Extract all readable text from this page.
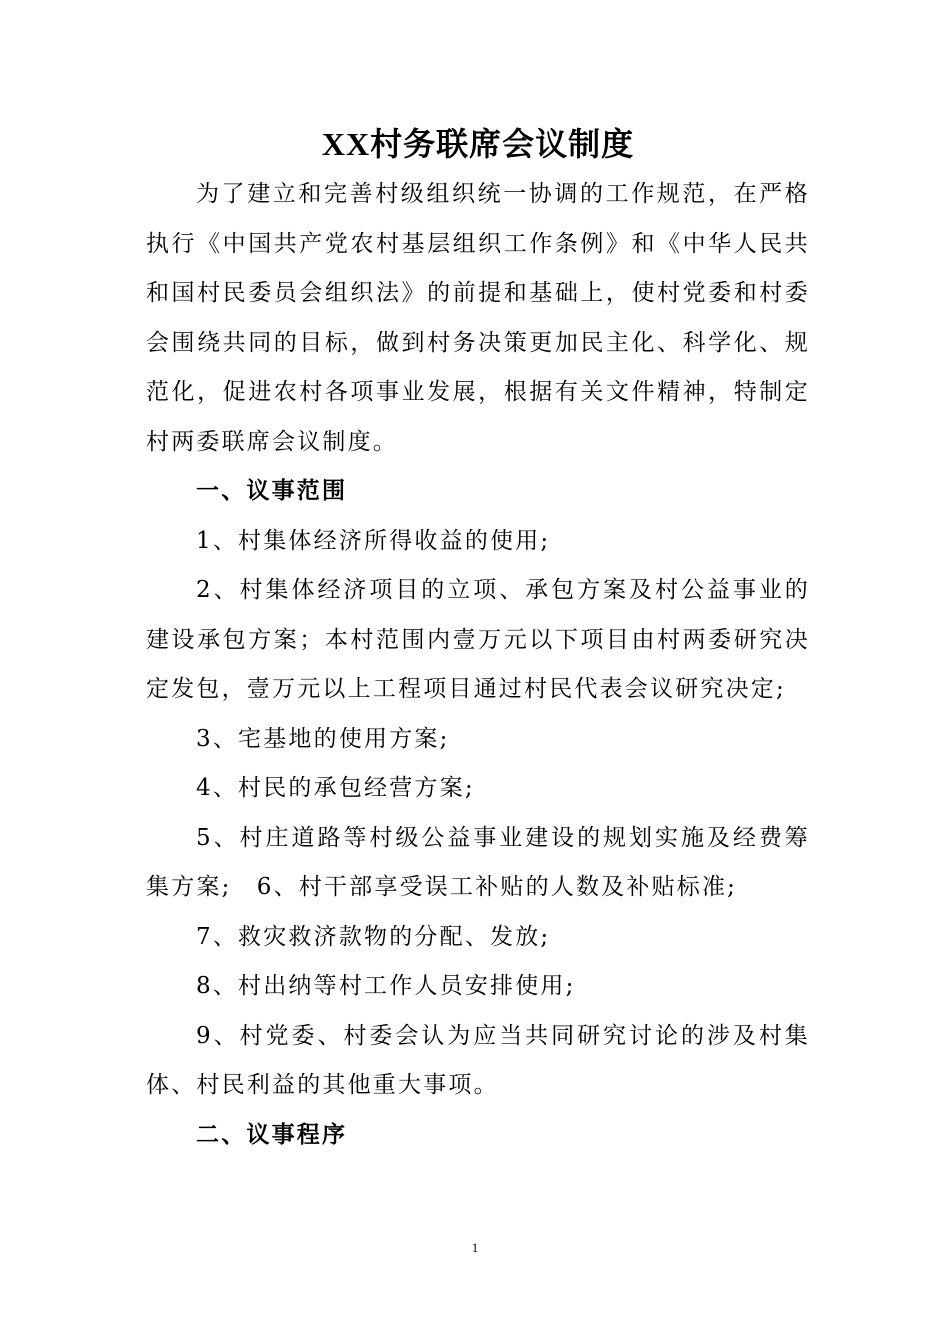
XX村务联席会议制度

为了建立和完善村级组织统一协调的工作规范，在严格执行《中国共产党农村基层组织工作条例》和《中华人民共和国村民委员会组织法》的前提和基础上，使村党委和村委会围绕共同的目标，做到村务决策更加民主化、科学化、规范化，促进农村各项事业发展，根据有关文件精神，特制定村两委联席会议制度。

一、议事范围

1、村集体经济所得收益的使用;

2、村集体经济项目的立项、承包方案及村公益事业的建设承包方案；本村范围内壹万元以下项目由村两委研究决定发包，壹万元以上工程项目通过村民代表会议研究决定;

3、宅基地的使用方案;

4、村民的承包经营方案;

5、村庄道路等村级公益事业建设的规划实施及经费筹集方案;　6、村干部享受误工补贴的人数及补贴标准;

7、救灾救济款物的分配、发放;

8、村出纳等村工作人员安排使用;

9、村党委、村委会认为应当共同研究讨论的涉及村集体、村民利益的其他重大事项。

二、议事程序

1
